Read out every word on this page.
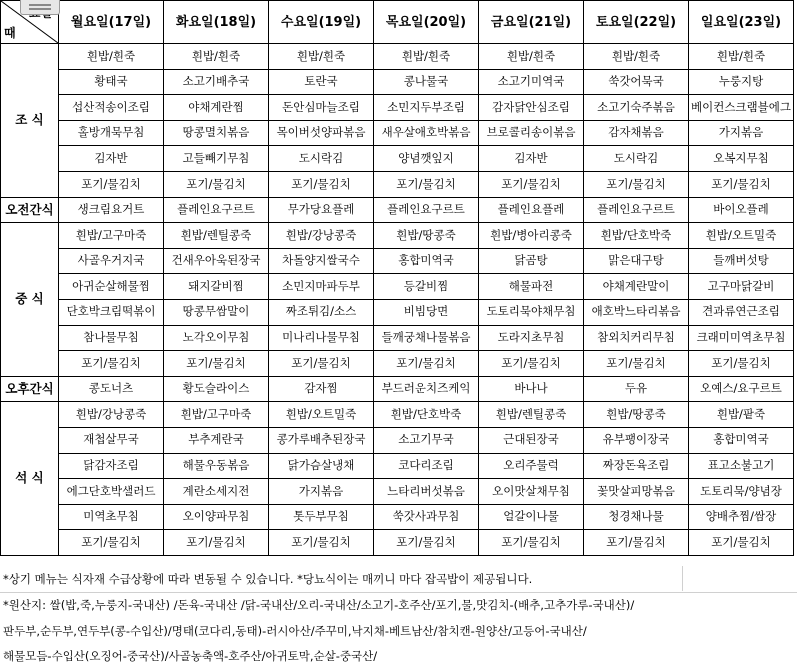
때	월요일(17일)	화요일(18일)	수요일(19일)	목요일(20일)	금요일(21일)	토요일(22일)	일요일(23일)
조 식	흰밥/흰죽	흰밥/흰죽	흰밥/흰죽	흰밥/흰죽	흰밥/흰죽	흰밥/흰죽	흰밥/흰죽
	황태국	소고기배추국	토란국	콩나물국	소고기미역국	쑥갓어묵국	누룽지탕
	섭산적송이조림	야채계란찜	돈안심마늘조림	소민지두부조림	감자닭안심조림	소고기숙주볶음	베이컨스크램블에그
	홀방개묵무침	땅콩멸치볶음	목이버섯양파볶음	새우살애호박볶음	브로콜리송이볶음	감자채볶음	가지볶음
	김자반	고들빼기무침	도시락김	양념깻잎지	김자반	도시락김	오복지무침
	포기/물김치	포기/물김치	포기/물김치	포기/물김치	포기/물김치	포기/물김치	포기/물김치
오전간식	생크림요거트	플레인요구르트	무가당요플레	플레인요구르트	플레인요플레	플레인요구르트	바이오플레
중 식	흰밥/고구마죽	흰밥/렌틸콩죽	흰밥/강낭콩죽	흰밥/땅콩죽	흰밥/병아리콩죽	흰밥/단호박죽	흰밥/오트밀죽
	사골우거지국	건새우아욱된장국	차돌양지쌀국수	홍합미역국	닭곰탕	맑은대구탕	들깨버섯탕
	아귀순살해물찜	돼지갈비찜	소민지마파두부	등갈비찜	해물파전	야채계란말이	고구마닭갈비
	단호박크림떡볶이	땅콩무쌈말이	짜조튀김/소스	비빔당면	도토리묵야채무침	애호박느타리볶음	견과류연근조림
	참나물무침	노각오이무침	미나리나물무침	들깨궁채나물볶음	도라지초무침	참외치커리무침	크래미미역초무침
	포기/물김치	포기/물김치	포기/물김치	포기/물김치	포기/물김치	포기/물김치	포기/물김치
오후간식	콩도너츠	황도슬라이스	감자찜	부드러운치즈케익	바나나	두유	오예스/요구르트
석 식	흰밥/강낭콩죽	흰밥/고구마죽	흰밥/오트밀죽	흰밥/단호박죽	흰밥/렌틸콩죽	흰밥/땅콩죽	흰밥/팥죽
	재첩살무국	부추계란국	콩가루배추된장국	소고기무국	근대된장국	유부팽이장국	홍합미역국
	닭감자조림	해물우동볶음	닭가슴살냉채	코다리조림	오리주물럭	짜장돈육조림	표고소불고기
	에그단호박샐러드	계란소세지전	가지볶음	느타리버섯볶음	오이맛살채무침	꽃맛살피망볶음	도토리묵/양념장
	미역초무침	오이양파무침	톳두부무침	쑥갓사과무침	얼갈이나물	청경채나물	양배추찜/쌈장
	포기/물김치	포기/물김치	포기/물김치	포기/물김치	포기/물김치	포기/물김치	포기/물김치
*상기 메뉴는 식자재 수급상황에 따라 변동될 수 있습니다. *당뇨식이는 매끼니 마다 잡곡밥이 제공됩니다.
*원산지: 쌀(밥,죽,누룽지-국내산) /돈육-국내산 /닭-국내산/오리-국내산/소고기-호주산/포기,물,맛김치-(배추,고추가루-국내산)/
판두부,순두부,연두부(콩-수입산)/명태(코다리,동태)-러시아산/주꾸미,낙지채-베트남산/참치캔-원양산/고등어-국내산/
해물모듬-수입산(오징어-중국산)/사골농축액-호주산/아귀토막,순살-중국산/
